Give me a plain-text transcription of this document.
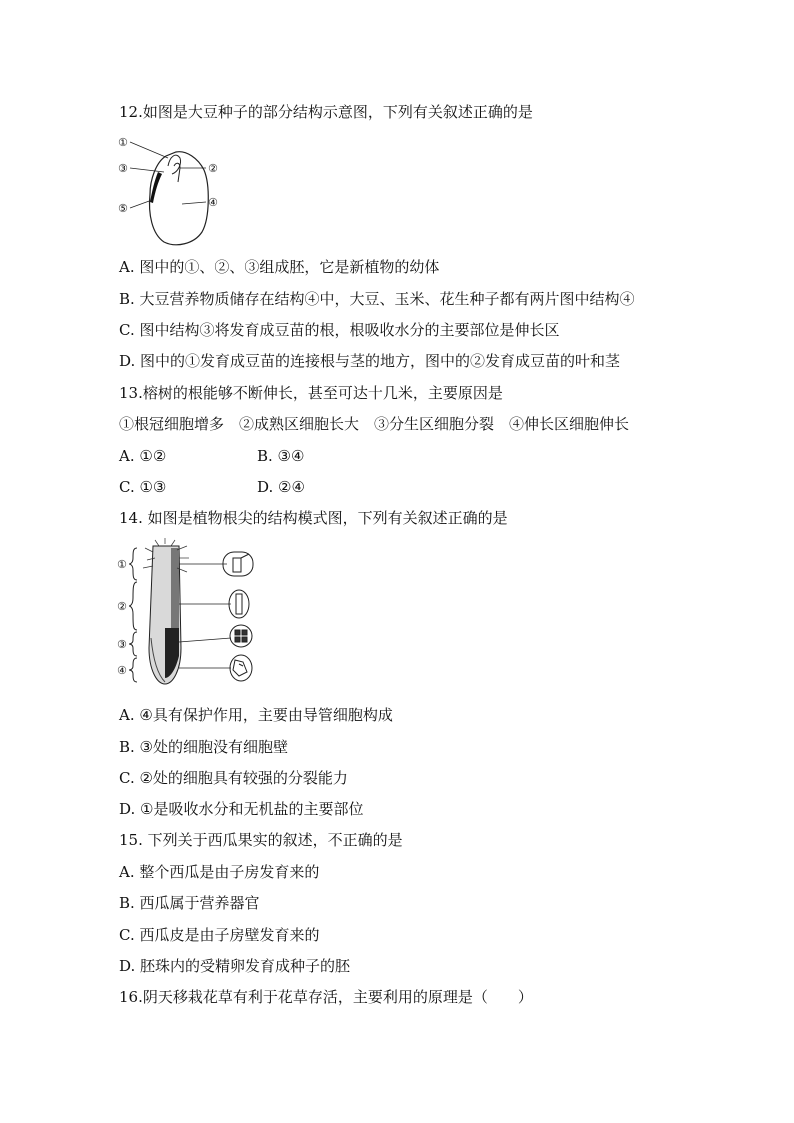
12.如图是大豆种子的部分结构示意图，下列有关叙述正确的是
①
③	②
⑤	④
A. 图中的①、②、③组成胚，它是新植物的幼体
B. 大豆营养物质储存在结构④中，大豆、玉米、花生种子都有两片图中结构④
C. 图中结构③将发育成豆苗的根，根吸收水分的主要部位是伸长区
D. 图中的①发育成豆苗的连接根与茎的地方，图中的②发育成豆苗的叶和茎
13.榕树的根能够不断伸长，甚至可达十几米，主要原因是
①根冠细胞增多　②成熟区细胞长大　③分生区细胞分裂　④伸长区细胞伸长
A. ①②	B. ③④
C. ①③	D. ②④
14. 如图是植物根尖的结构模式图，下列有关叙述正确的是
①
②
③
④
A. ④具有保护作用，主要由导管细胞构成
B. ③处的细胞没有细胞壁
C. ②处的细胞具有较强的分裂能力
D. ①是吸收水分和无机盐的主要部位
15. 下列关于西瓜果实的叙述，不正确的是
A. 整个西瓜是由子房发育来的
B. 西瓜属于营养器官
C. 西瓜皮是由子房壁发育来的
D. 胚珠内的受精卵发育成种子的胚
16.阴天移栽花草有利于花草存活，主要利用的原理是（　　）
